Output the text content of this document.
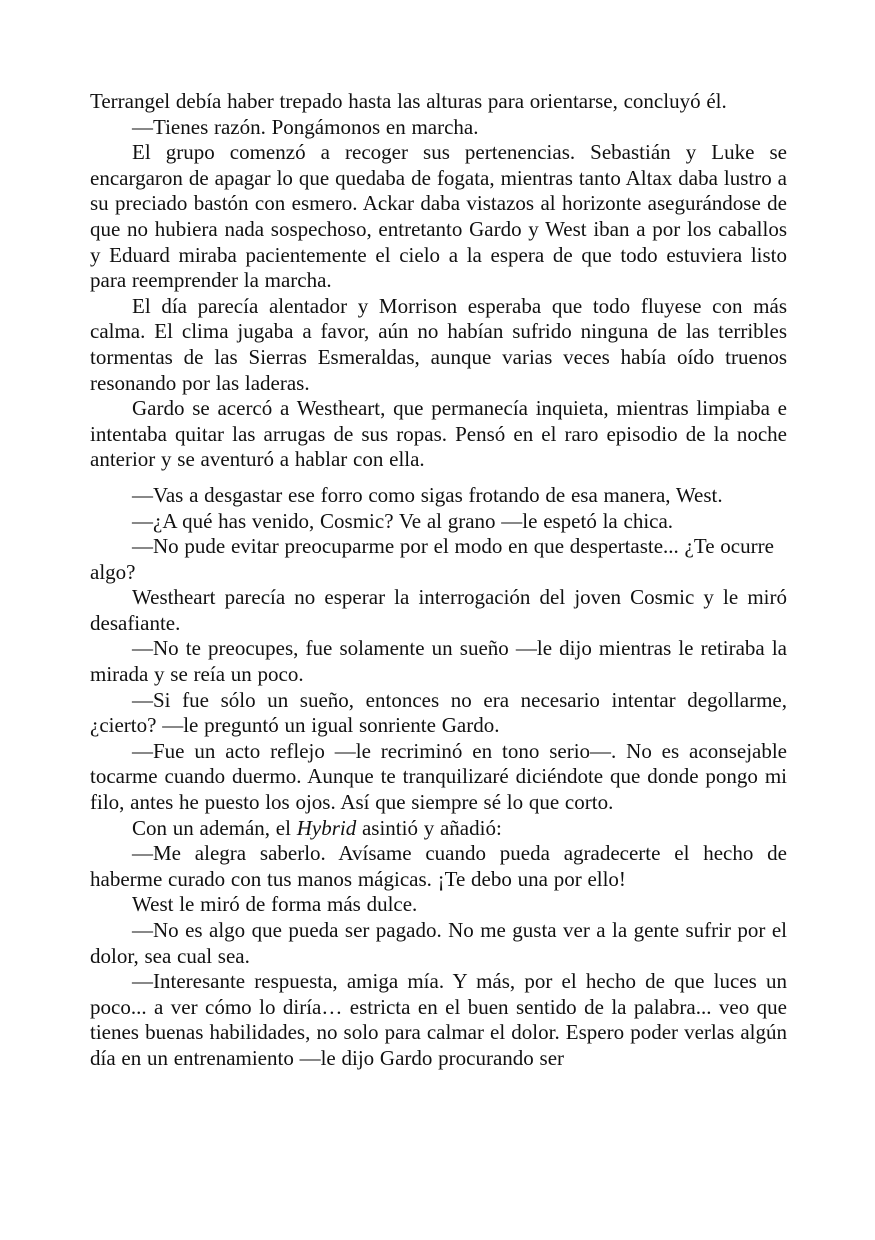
Terrangel debía haber trepado hasta las alturas para orientarse, concluyó él.

—Tienes razón. Pongámonos en marcha.

El grupo comenzó a recoger sus pertenencias. Sebastián y Luke se encargaron de apagar lo que quedaba de fogata, mientras tanto Altax daba lustro a su preciado bastón con esmero. Ackar daba vistazos al horizonte asegurándose de que no hubiera nada sospechoso, entretanto Gardo y West iban a por los caballos y Eduard miraba pacientemente el cielo a la espera de que todo estuviera listo para reemprender la marcha.

El día parecía alentador y Morrison esperaba que todo fluyese con más calma. El clima jugaba a favor, aún no habían sufrido ninguna de las terribles tormentas de las Sierras Esmeraldas, aunque varias veces había oído truenos resonando por las laderas.

Gardo se acercó a Westheart, que permanecía inquieta, mientras limpiaba e intentaba quitar las arrugas de sus ropas. Pensó en el raro episodio de la noche anterior y se aventuró a hablar con ella.

—Vas a desgastar ese forro como sigas frotando de esa manera, West.

—¿A qué has venido, Cosmic? Ve al grano —le espetó la chica.

—No pude evitar preocuparme por el modo en que despertaste... ¿Te ocurre algo?

Westheart parecía no esperar la interrogación del joven Cosmic y le miró desafiante.

—No te preocupes, fue solamente un sueño —le dijo mientras le retiraba la mirada y se reía un poco.

—Si fue sólo un sueño, entonces no era necesario intentar degollarme, ¿cierto? —le preguntó un igual sonriente Gardo.

—Fue un acto reflejo —le recriminó en tono serio—. No es aconsejable tocarme cuando duermo. Aunque te tranquilizaré diciéndote que donde pongo mi filo, antes he puesto los ojos. Así que siempre sé lo que corto.

Con un ademán, el Hybrid asintió y añadió:

—Me alegra saberlo. Avísame cuando pueda agradecerte el hecho de haberme curado con tus manos mágicas. ¡Te debo una por ello!

West le miró de forma más dulce.

—No es algo que pueda ser pagado. No me gusta ver a la gente sufrir por el dolor, sea cual sea.

—Interesante respuesta, amiga mía. Y más, por el hecho de que luces un poco... a ver cómo lo diría… estricta en el buen sentido de la palabra... veo que tienes buenas habilidades, no solo para calmar el dolor. Espero poder verlas algún día en un entrenamiento —le dijo Gardo procurando ser
